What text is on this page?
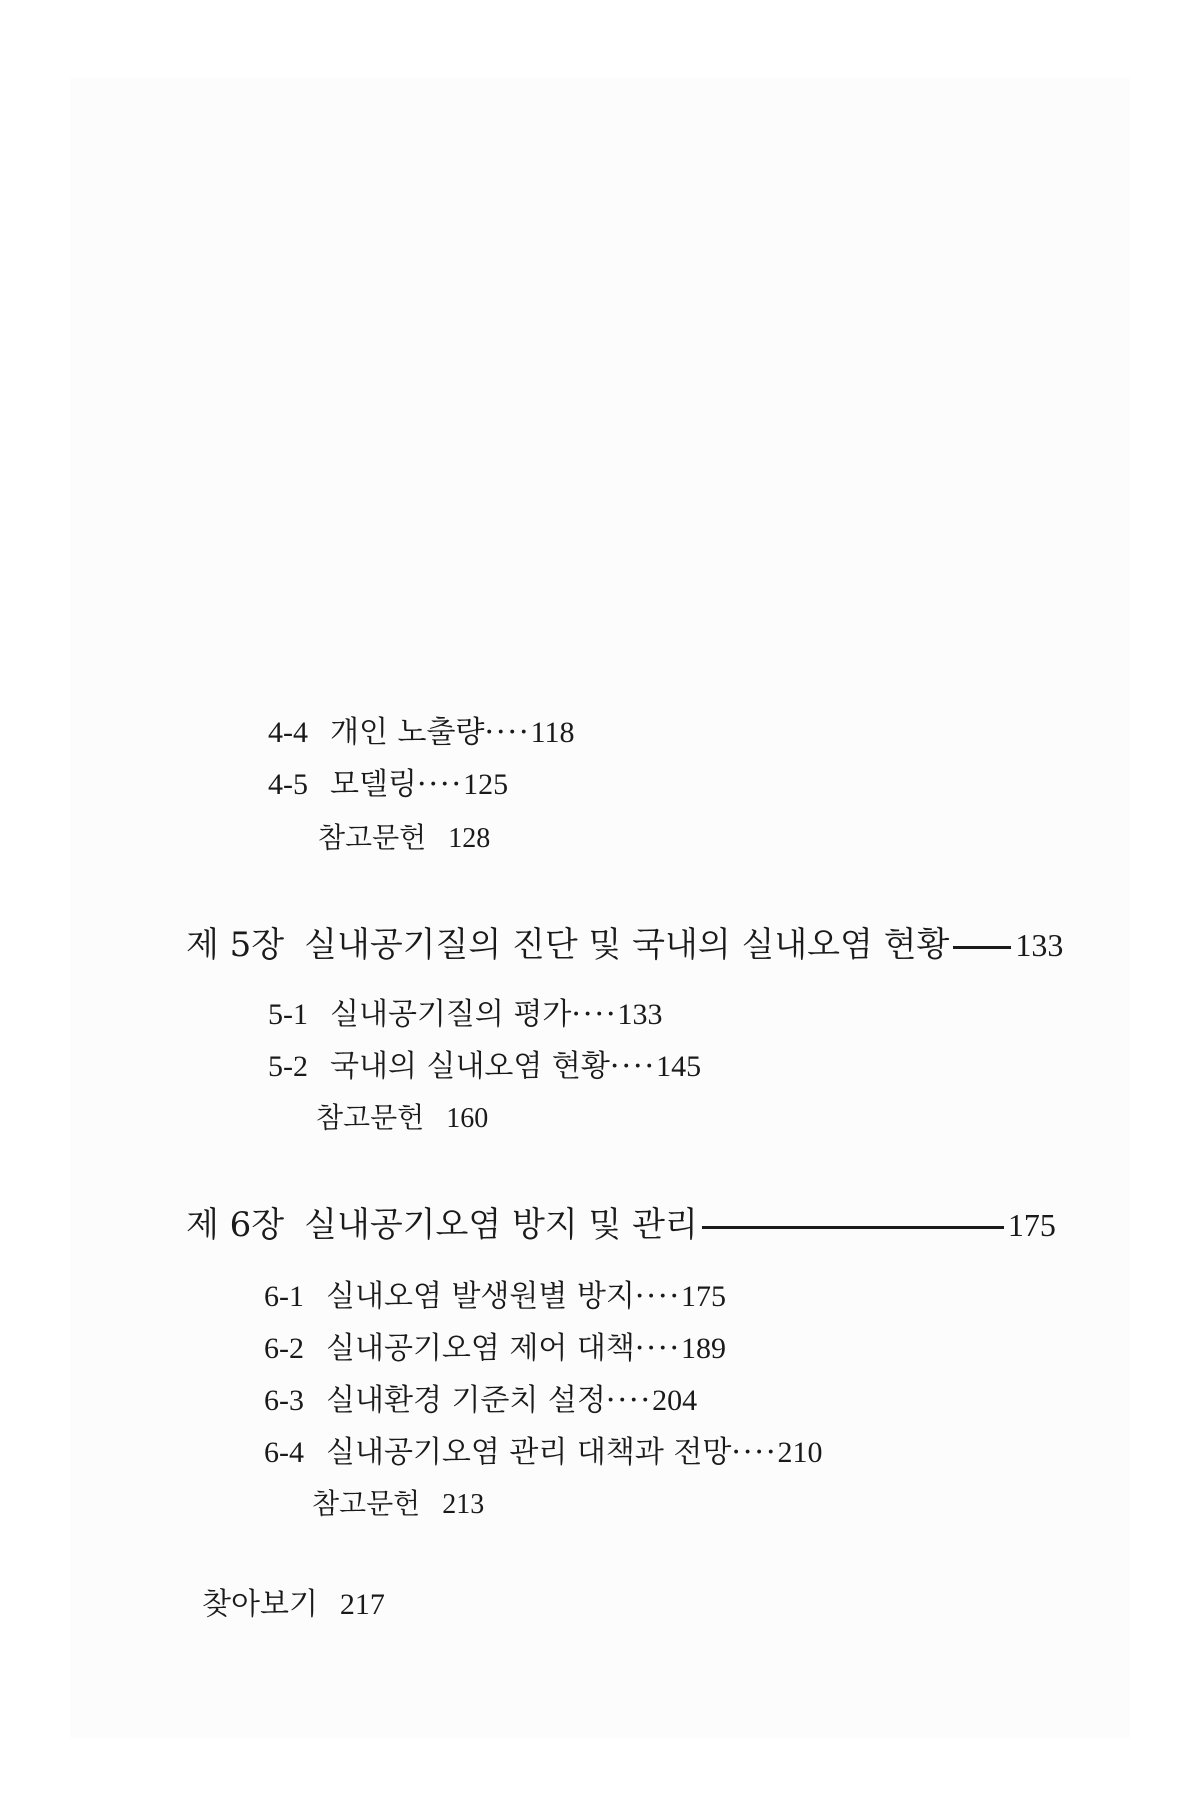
4-4 개인 노출량····118
4-5 모델링····125
참고문헌 128
제 5장 실내공기질의 진단 및 국내의 실내오염 현황 133
5-1 실내공기질의 평가····133
5-2 국내의 실내오염 현황····145
참고문헌 160
제 6장 실내공기오염 방지 및 관리	175
6-1 실내오염 발생원별 방지····175
6-2 실내공기오염 제어 대책····189
6-3 실내환경 기준치 설정····204
6-4 실내공기오염 관리 대책과 전망····210
참고문헌 213
찾아보기 217
